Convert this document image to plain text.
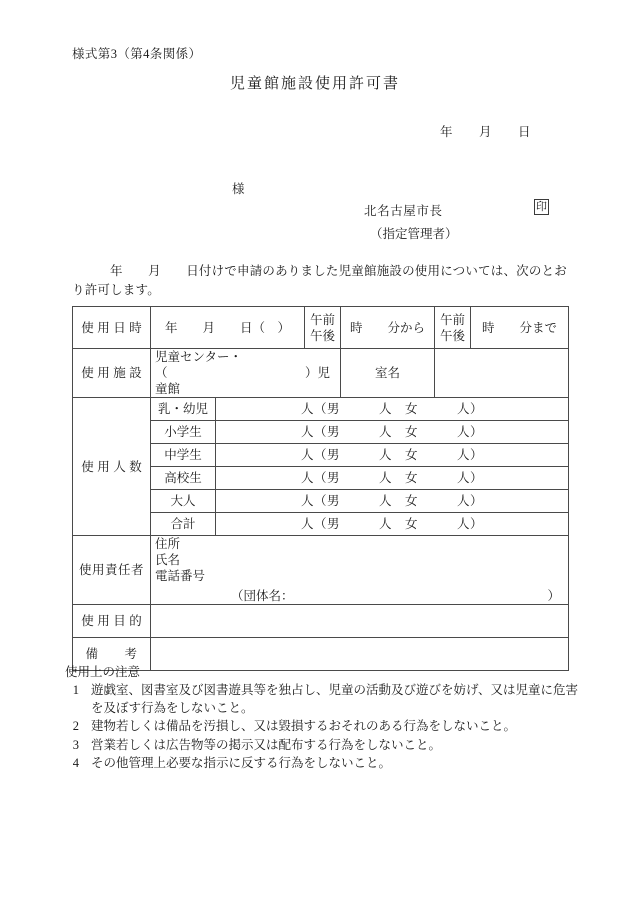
様式第3（第4条関係）
児童館施設使用許可書
年　　月　　日
様
北名古屋市長	印
（指定管理者）
年　　月　　日付けで申請のありました児童館施設の使用については、次のとおり許可します。
使用日時	年　　月　　日（　）		午前 午後	時　　分から	午前 午後	時　　分まで
使用施設	児童センター・（　　　　　　　　　　　）児童館			室名		
使用人数	乳・幼児	人（男　　　人　女　　　人）				
	小学生	人（男　　　人　女　　　人）				
	中学生	人（男　　　人　女　　　人）				
	高校生	人（男　　　人　女　　　人）				
	大人	人（男　　　人　女　　　人）				
	合計	人（男　　　人　女　　　人）				
使用責任者	住所
氏名
電話番号
（団体名： ）					

使用目的						
備　　考						
使用上の注意
1 遊戯室、図書室及び図書遊具等を独占し、児童の活動及び遊びを妨げ、又は児童に危害を及ぼす行為をしないこと。
2 建物若しくは備品を汚損し、又は毀損するおそれのある行為をしないこと。
3 営業若しくは広告物等の掲示又は配布する行為をしないこと。
4 その他管理上必要な指示に反する行為をしないこと。
